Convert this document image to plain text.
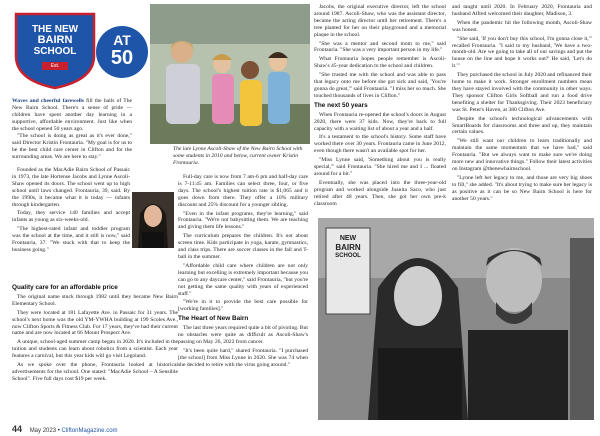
THE NEW
BAIRN
SCHOOL
Est.
AT
50
The late Lynne Ascoli-Shaw of the New Bairn School with some students in 2010 and below, current owner Kristin Frontauria.

Waves and cheerful farewells fill the halls of The New Bairn School. There's a sense of pride — children have spent another day learning in a supportive, affordable environment. Just like when the school opened 50 years ago.

"The school is doing as great as it's ever done," said Director Kristin Frontauria. "My goal is for us to be the best child care center in Clifton and for the surrounding areas. We are here to stay."

Founded as the MacAdie Bairn School of Passaic in 1973, the late Hortense Jacobs and Lynne Ascoli-Shaw opened its doors. The school went up to high school until laws changed. Frontauria, 39, said. By the 1990s, it became what it is today — infants through kindergarten.

Today, they service 140 families and accept infants as young as six-weeks-old.

"The highest-rated infant and toddler program was the school at the time, and it still is now," said Frontauria, 37. "We stuck with that to keep the business going."

Quality care for an affordable price

The original name stuck through 1982 until they became New Bairn Elementary School.

They were located at 181 Lafayette Ave. in Passaic for 31 years. The school's next home was the old YM-YWHA building at 199 Scoles Ave., now Clifton Sports & Fitness Club. For 17 years, they've had their current name and are now located at 66 Mount Prospect Ave.

A unique, school-aged summer camp began in 2020. It's included in the tuition and students can learn about robotics from a scientist. Each year features a carnival, but this year kids will go visit Legoland.

As we spoke over the phone, Frontauria looked at historical advertisements for the school. One stated: "MacAdie School – A Sensible School". Five full days cost $19 per week.

Full-day care is now from 7 am-6 pm and half-day care is 7-11:45 am. Families can select three, four, or five days. The school's highest tuition rate is $1,065 and it goes down from there. They offer a 10% military discount and 25% discount for a younger sibling.

"Even in the infant programs, they're learning," said Frontauria. "We're not babysitting them. We are teaching and giving them life lessons."

The curriculum prepares the children. It's not about screen time. Kids participate in yoga, karate, gymnastics, and class trips. There are soccer classes in the fall and T-ball in the summer.

"Affordable child care where children are not only learning but excelling is extremely important because you can go to any daycare center," said Frontauria, "but you're not getting the same quality with years of experienced staff."

"We're in it to provide the best care possible for [working families]."

The Heart of New Bairn

The last three years required quite a bit of pivoting. But no obstacles were quite as difficult as Ascoli-Shaw's passing on May 26, 2022 from cancer.

"It's been quite hard," shared Frontauria. "I purchased [the school] from Miss Lynne in 2020. She was 74 when she decided to retire with the virus going around."

Jacobs, the original executive director, left the school around 1987. Ascoli-Shaw, who was the assistant director, became the acting director until her retirement. There's a tree planted for her on their playground and a memorial plaque in the school.

"She was a mentor and second mom to me," said Frontauria. "She was a very important person in my life."

What Frontauria hopes people remember is Ascoli-Shaw's 45-year dedication to the school and children.

"She trusted me with the school and was able to pass that legacy onto me before she got sick and said, 'You're gonna do great,'" said Frontauria. "I miss her so much. She touched thousands of lives in Clifton."

The next 50 years

When Frontauria re-opened the school's doors in August 2020, there were 37 kids. Now, they're back to full capacity with a waiting list of about a year and a half.

It's a testament to the school's history. Some staff have worked there over 30 years. Frontauria came in June 2012, even though there wasn't an available spot for her.

"Miss Lynne said, 'Something about you is really special,'" said Frontauria. "She hired me and I ... floated around for a bit."

Eventually, she was placed into the three-year-old program and worked alongside Juanita Saco, who just retired after 48 years. Then, she got her own pre-k classroom

and taught until 2020. In February 2020, Frontauria and husband Alfred welcomed their daughter, Madison, 3.

When the pandemic hit the following month, Ascoli-Shaw was honest.

"She said, 'If you don't buy this school, I'm gonna close it,'" recalled Frontauria. "I said to my husband, 'We have a two-month-old. Are we going to take all of our savings and put the house on the line and hope it works out?' He said, 'Let's do it.'"

They purchased the school in July 2020 and refinanced their home to make it work. Stronger enrollment numbers mean they have stayed involved with the community in other ways. They sponsor Clifton Girls Softball and run a food drive benefiting a shelter for Thanksgiving. Their 2023 beneficiary was St. Peter's Haven, at 380 Clifton Ave.

Despite the school's technological advancements with SmartBoards for classrooms and three and up, they maintain certain values.

"We still want our children to learn traditionally and maintain the same momentum that we have had," said Frontauria. "But we always want to make sure we're doing more new and innovative things." Follow their latest activities on Instagram @thenewbairnschool.

"Lynne left her legacy to me, and those are very big shoes to fill," she added. "It's about trying to make sure her legacy is as positive as it can be so New Bairn School is here for another 50 years."

NEW
BAIRN
SCHOOL
44 May 2023 • CliftonMagazine.com
